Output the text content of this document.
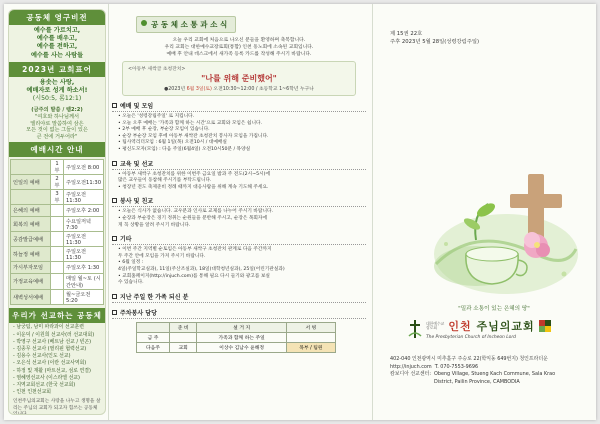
공동체 영구비전
예수를 가르치고,
예수를 배우고,
예수를 전하고,
예수를 사는 사람들
2023년 교회표어
용솟는 사랑,
예배자로 성게 하소서!
(시50:5, 롬12:1)
(금주의 말씀 / 렘2:2)
"여호와 하나님께서
엘리야로 말씀하여 삼은
모든 것이 없는 그들이 있은
큰 전에 거두어라"
예배시간 안내
	1부	주일오전 8:00
인일의 예배	2부	주일오전11:30
	3부	주일오전 11:30
은혜의 예배		주일오후 2:00
회복의 예배		수요일저녁 7:30
공감발급예배		주일오전 11:30
하늘정 예배		주일오전 11:30
가시부자모임		주일오후 1:30
가정교육예배		매일 월~토 (시간안내)
새벽성서예배		월~금오전 5:20
우리가 선교하는 공동체
- 남궁팀, 남미 파라과이 선교훈련
- 이운덕 / 이원희 선교사(러 선교대회)
- 박영구 선교사 (베트남 선교 / 빈곤)
- 김종무 선교사 (필리핀 협력선교)
- 김용수 선교사(인도 선교)
- 오은석 선교사 (이란 선교사역회)
- 하정 및 재활 (마트선교, 섬로 연결)
- 염혜영선교사 (이스라엘 선교)
- 지역교회선교 (한국 선교회)
- 인천 인천선교회
인천주님의교회는 사랑을 나누고 생명을 살리는 주님의 교회가 되고자 힘쓰는 공동체입니다.
공 동 체 소 통 과 소 식
오늘 우리 교회에 처음으로 나오신 분들을 환영하며 축복합니다.
우리 교회는 대한예수교장로회(통합) 인천 동노회에 소속된 교회입니다.
예배 후 안내 데스크에서 새가족 등록 카드를 작성해 주시기 바랍니다.
<아동부 새싹글 초청잔치>
"나를 위해 준비했어"
●2023년 6월 3일(토) 오전10:30~12:00 / 초등학교 1~6학년 누구나
예배 및 모임
• 오늘은 '성령강림주일' 로 지킵니다.
• 오늘 오후 예배는 '가족과 함께 하는 시간'으로 교회와 모임은 쉽니다.
• 2부 예배 후 순장, 부순장 모임이 있습니다.
• 순장 부순장 모임 후에 아동부 새싹잔 초청잔치 봉사자 모임을 가집니다.
• 팀사역리더모임 : 6월 1일(목) 오전10시 / 대예배실
• 평신도모자(모임) : 다음 주일(6월4일) 오전10시50분 / 목양실
교육 및 선교
• 아동부 새싹구 초청잔치를 위한 이번주 금요일 밤과 주 전도(2시~5시)에
많은 교우들이 동참해 주시기를 부탁드립니다.
• 청장년 전도 축제준비 정례 때까지 대응사람을 위해 계속 기도해 주세요.
봉사 및 친교
• 오늘은 식사가 없습니다. 교우분과 인사로 교제를 나누어 주시기 바랍니다.
• 순장과 부순장은 경기 정취는 순원들을 분반해 주시고, 순장은 목회자에
게 꼭 상황을 알려 주시기 바랍니다.
기타
• 이번 주간 지역별 순토임은 아동부 새싹구 초청잔치 관계로 다음 주간까지
두 주간 안에 모임을 가져 주시기 바랍니다.
• 6월 일정 :
4일(주일학교실과), 11일(주산조실과), 18일(대학청년실과), 25일(어린기관실과)
• 교회홈페이지(http://injuch.com)를 통해 필요 다시 들기와 광고를 보실
수 있습니다.
지난 주일 한 가족 되신 분
주차봉사 담당
	준 비	설 거 지	서 빙
금 주		가족과 함께 하는 주일	
다음주	교회	이상수 김남수 윤해정	목부 / 팀원
제 15권 22호
주후 2023년 5월 28일(성령강림주일)
"밀과 소통이 있는 은혜의 땅"
대한예수교
장로회	인천 주님의교회
The Presbyterian Church of Incheon Lord
402-040 인천광역시 미추홀구 주승로 22(학익동 649번지) 청인프라더운
http://injuch.com T. 070-7553-9696
캄보디아 선교센터: Obeng Village, Stueng Kach Commune, Sala Krao
District, Pailin Province, CAMBODIA
